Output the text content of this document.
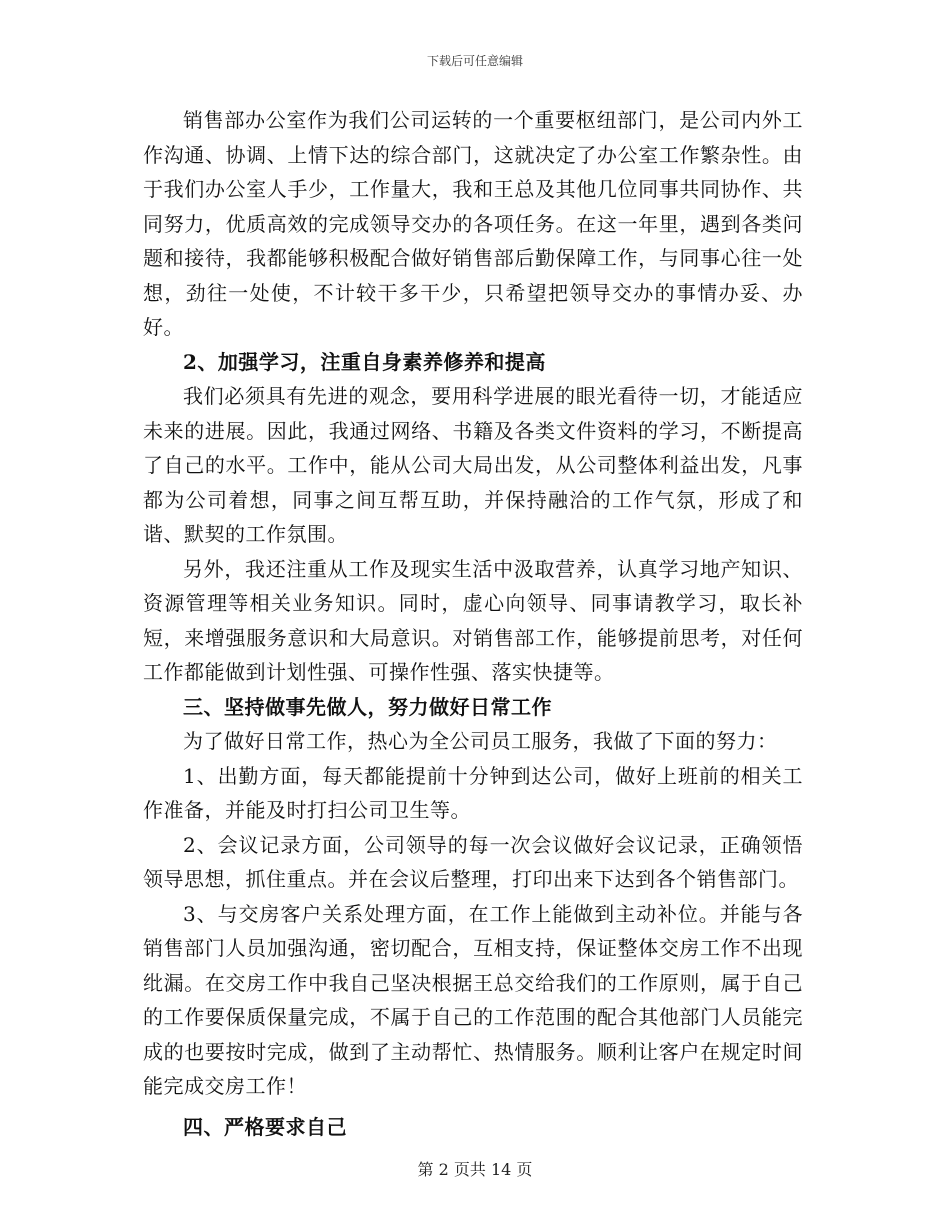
下载后可任意编辑

销售部办公室作为我们公司运转的一个重要枢纽部门，是公司内外工作沟通、协调、上情下达的综合部门，这就决定了办公室工作繁杂性。由于我们办公室人手少，工作量大，我和王总及其他几位同事共同协作、共同努力，优质高效的完成领导交办的各项任务。在这一年里，遇到各类问题和接待，我都能够积极配合做好销售部后勤保障工作，与同事心往一处想，劲往一处使，不计较干多干少，只希望把领导交办的事情办妥、办好。

2、加强学习，注重自身素养修养和提高

我们必须具有先进的观念，要用科学进展的眼光看待一切，才能适应未来的进展。因此，我通过网络、书籍及各类文件资料的学习，不断提高了自己的水平。工作中，能从公司大局出发，从公司整体利益出发，凡事都为公司着想，同事之间互帮互助，并保持融洽的工作气氛，形成了和谐、默契的工作氛围。

另外，我还注重从工作及现实生活中汲取营养，认真学习地产知识、资源管理等相关业务知识。同时，虚心向领导、同事请教学习，取长补短，来增强服务意识和大局意识。对销售部工作，能够提前思考，对任何工作都能做到计划性强、可操作性强、落实快捷等。

三、坚持做事先做人，努力做好日常工作

为了做好日常工作，热心为全公司员工服务，我做了下面的努力：

1、出勤方面，每天都能提前十分钟到达公司，做好上班前的相关工作准备，并能及时打扫公司卫生等。

2、会议记录方面，公司领导的每一次会议做好会议记录，正确领悟领导思想，抓住重点。并在会议后整理，打印出来下达到各个销售部门。

3、与交房客户关系处理方面，在工作上能做到主动补位。并能与各销售部门人员加强沟通，密切配合，互相支持，保证整体交房工作不出现纰漏。在交房工作中我自己坚决根据王总交给我们的工作原则，属于自己的工作要保质保量完成，不属于自己的工作范围的配合其他部门人员能完成的也要按时完成，做到了主动帮忙、热情服务。顺利让客户在规定时间能完成交房工作！

四、严格要求自己

第 2 页共 14 页
